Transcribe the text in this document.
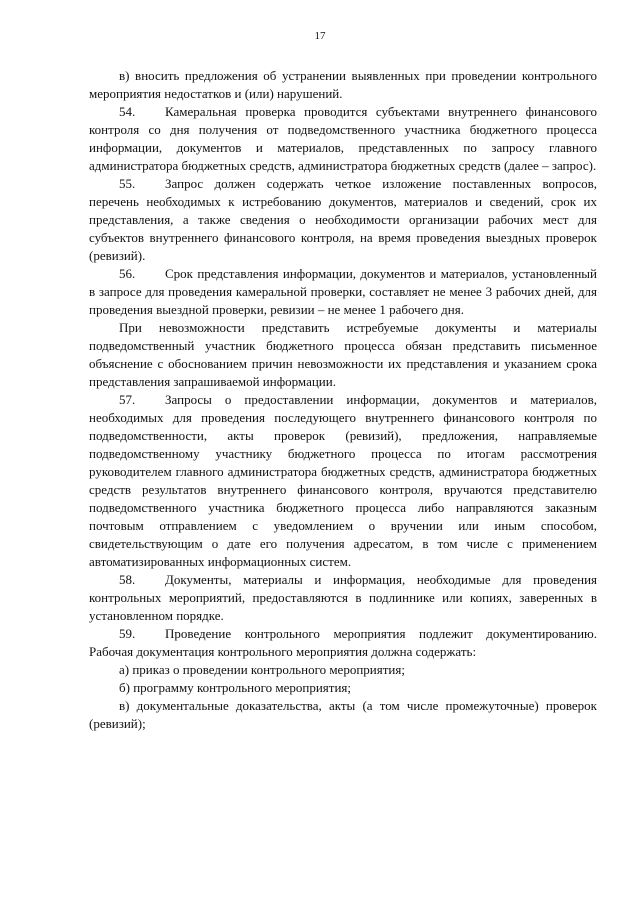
17

в) вносить предложения об устранении выявленных при проведении контрольного мероприятия недостатков и (или) нарушений.

54. Камеральная проверка проводится субъектами внутреннего финансового контроля со дня получения от подведомственного участника бюджетного процесса информации, документов и материалов, представленных по запросу главного администратора бюджетных средств, администратора бюджетных средств (далее – запрос).

55. Запрос должен содержать четкое изложение поставленных вопросов, перечень необходимых к истребованию документов, материалов и сведений, срок их представления, а также сведения о необходимости организации рабочих мест для субъектов внутреннего финансового контроля, на время проведения выездных проверок (ревизий).

56. Срок представления информации, документов и материалов, установленный в запросе для проведения камеральной проверки, составляет не менее 3 рабочих дней, для проведения выездной проверки, ревизии – не менее 1 рабочего дня.

При невозможности представить истребуемые документы и материалы подведомственный участник бюджетного процесса обязан представить письменное объяснение с обоснованием причин невозможности их представления и указанием срока представления запрашиваемой информации.

57. Запросы о предоставлении информации, документов и материалов, необходимых для проведения последующего внутреннего финансового контроля по подведомственности, акты проверок (ревизий), предложения, направляемые подведомственному участнику бюджетного процесса по итогам рассмотрения руководителем главного администратора бюджетных средств, администратора бюджетных средств результатов внутреннего финансового контроля, вручаются представителю подведомственного участника бюджетного процесса либо направляются заказным почтовым отправлением с уведомлением о вручении или иным способом, свидетельствующим о дате его получения адресатом, в том числе с применением автоматизированных информационных систем.

58. Документы, материалы и информация, необходимые для проведения контрольных мероприятий, предоставляются в подлиннике или копиях, заверенных в установленном порядке.

59. Проведение контрольного мероприятия подлежит документированию. Рабочая документация контрольного мероприятия должна содержать:

а) приказ о проведении контрольного мероприятия;

б) программу контрольного мероприятия;

в) документальные доказательства, акты (а том числе промежуточные) проверок (ревизий);
